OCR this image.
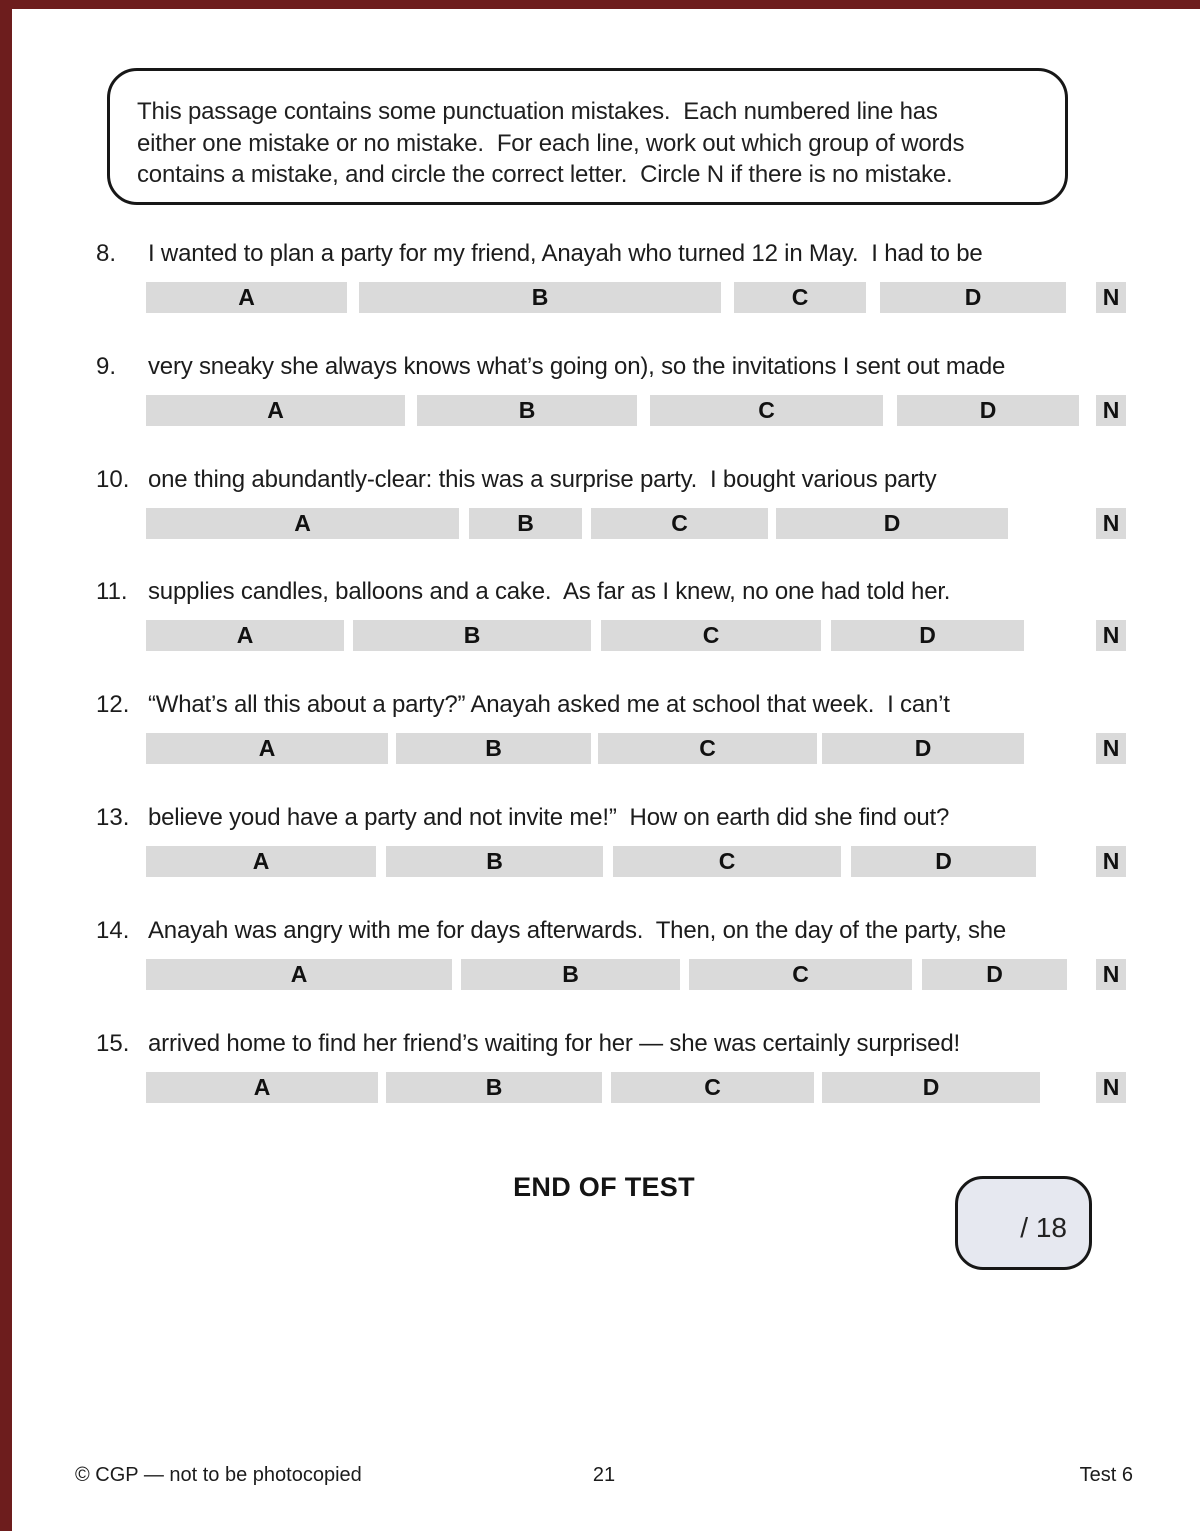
This passage contains some punctuation mistakes.  Each numbered line has
either one mistake or no mistake.  For each line, work out which group of words
contains a mistake, and circle the correct letter.  Circle N if there is no mistake.
8. I wanted to plan a party for my friend, Anayah who turned 12 in May.  I had to be
A	B	C	D	N
9. very sneaky she always knows what’s going on), so the invitations I sent out made
A	B	C	D	N
10. one thing abundantly-clear: this was a surprise party.  I bought various party
A	B	C	D	N
11. supplies candles, balloons and a cake.  As far as I knew, no one had told her.
A	B	C	D	N
12. “What’s all this about a party?” Anayah asked me at school that week.  I can’t
A	B	C	D	N
13. believe youd have a party and not invite me!”  How on earth did she find out?
A	B	C	D	N
14. Anayah was angry with me for days afterwards.  Then, on the day of the party, she
A	B	C	D	N
15. arrived home to find her friend’s waiting for her — she was certainly surprised!
A	B	C	D	N
END OF TEST
/ 18
© CGP — not to be photocopied	21	Test 6
